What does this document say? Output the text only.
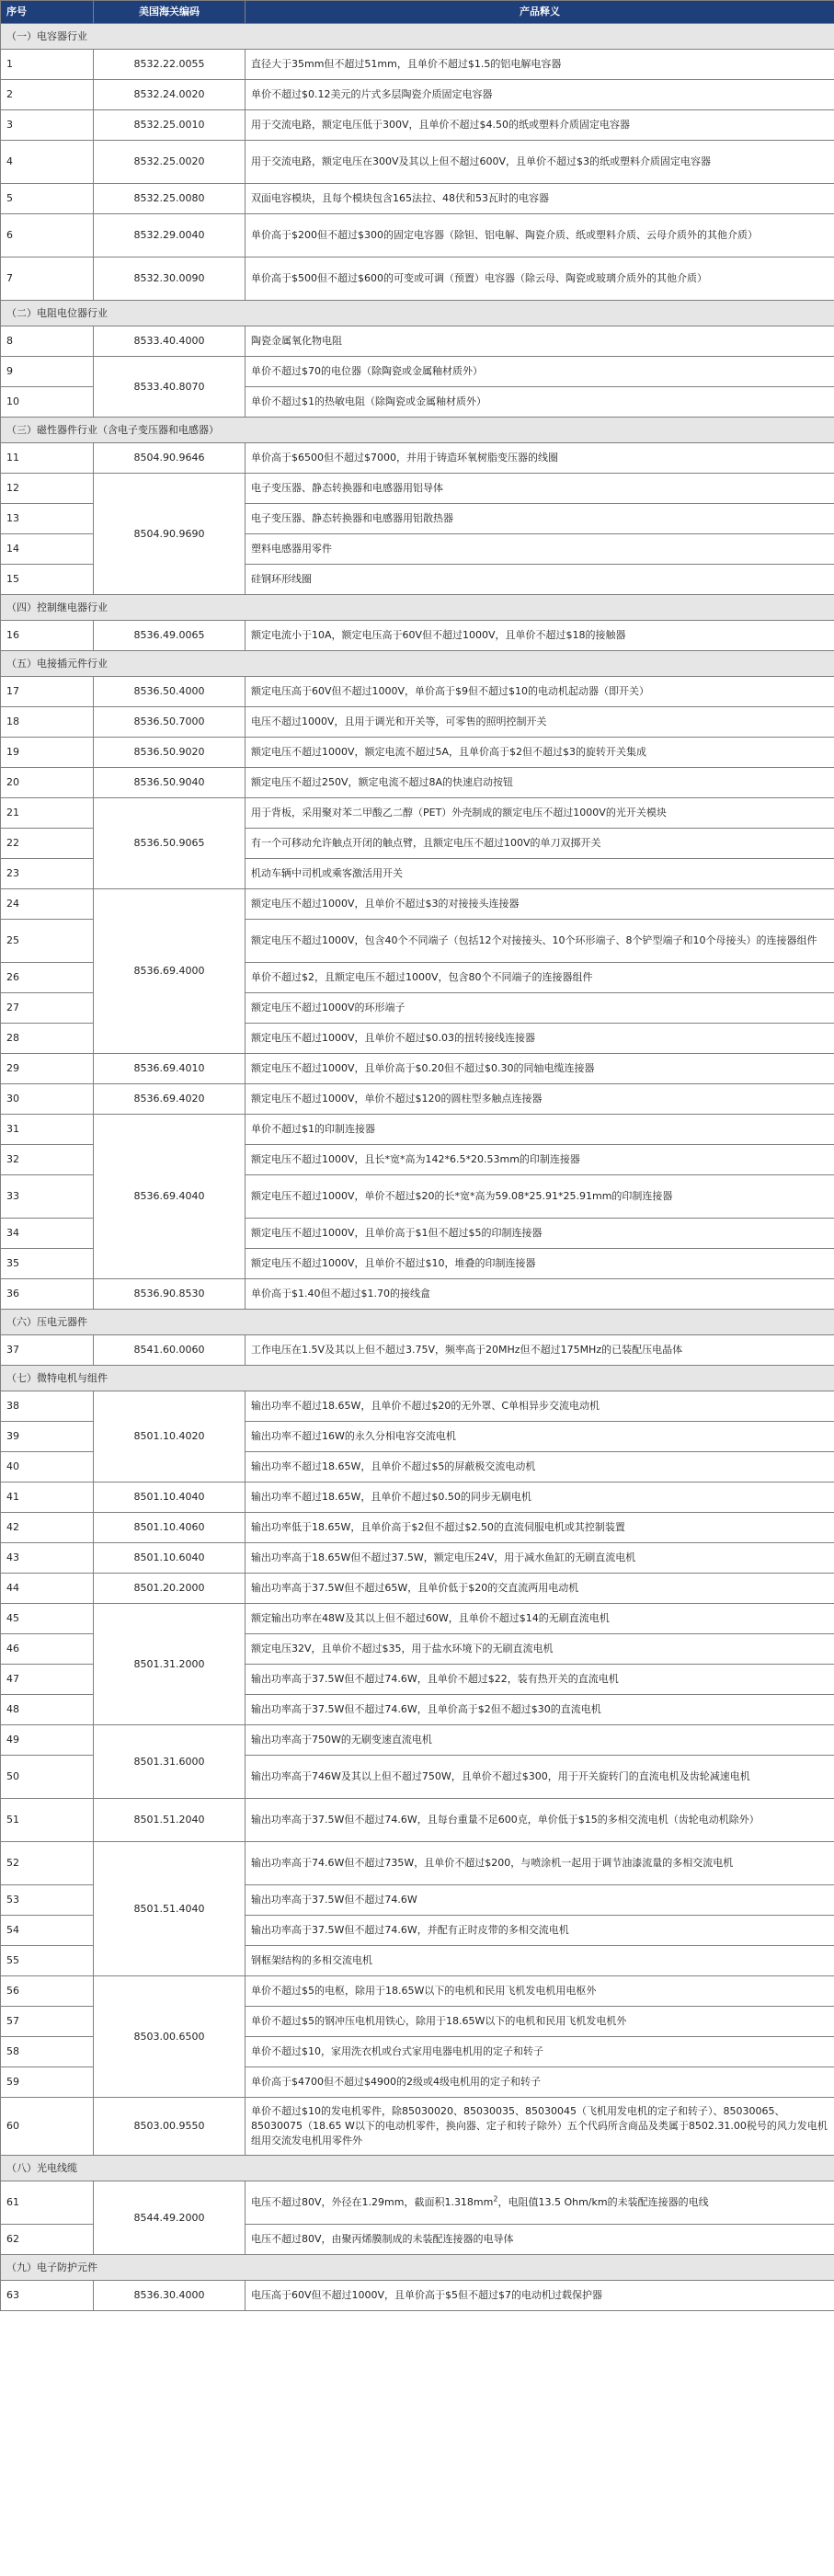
序号	美国海关编码	产品释义
（一）电容器行业		
1	8532.22.0055	直径大于35mm但不超过51mm，且单价不超过$1.5的铝电解电容器
2	8532.24.0020	单价不超过$0.12美元的片式多层陶瓷介质固定电容器
3	8532.25.0010	用于交流电路，额定电压低于300V，且单价不超过$4.50的纸或塑料介质固定电容器
4	8532.25.0020	用于交流电路，额定电压在300V及其以上但不超过600V，且单价不超过$3的纸或塑料介质固定电容器
5	8532.25.0080	双面电容模块，且每个模块包含165法拉、48伏和53瓦时的电容器
6	8532.29.0040	单价高于$200但不超过$300的固定电容器（除钽、铝电解、陶瓷介质、纸或塑料介质、云母介质外的其他介质）
7	8532.30.0090	单价高于$500但不超过$600的可变或可调（预置）电容器（除云母、陶瓷或玻璃介质外的其他介质）
（二）电阻电位器行业		
8	8533.40.4000	陶瓷金属氧化物电阻
9	8533.40.8070	单价不超过$70的电位器（除陶瓷或金属釉材质外）
10		单价不超过$1的热敏电阻（除陶瓷或金属釉材质外）
（三）磁性器件行业（含电子变压器和电感器）		
11	8504.90.9646	单价高于$6500但不超过$7000，并用于铸造环氧树脂变压器的线圈
12	8504.90.9690	电子变压器、静态转换器和电感器用铝导体
13		电子变压器、静态转换器和电感器用铝散热器
14		塑料电感器用零件
15		硅钢环形线圈
（四）控制继电器行业		
16	8536.49.0065	额定电流小于10A，额定电压高于60V但不超过1000V，且单价不超过$18的接触器
（五）电接插元件行业		
17	8536.50.4000	额定电压高于60V但不超过1000V，单价高于$9但不超过$10的电动机起动器（即开关）
18	8536.50.7000	电压不超过1000V，且用于调光和开关等，可零售的照明控制开关
19	8536.50.9020	额定电压不超过1000V，额定电流不超过5A，且单价高于$2但不超过$3的旋转开关集成
20	8536.50.9040	额定电压不超过250V，额定电流不超过8A的快速启动按钮
21	8536.50.9065	用于背板，采用聚对苯二甲酸乙二醇（PET）外壳制成的额定电压不超过1000V的光开关模块
22		有一个可移动允许触点开闭的触点臂，且额定电压不超过100V的单刀双掷开关
23		机动车辆中司机或乘客激活用开关
24	8536.69.4000	额定电压不超过1000V，且单价不超过$3的对接接头连接器
25		额定电压不超过1000V，包含40个不同端子（包括12个对接接头、10个环形端子、8个铲型端子和10个母接头）的连接器组件
26		单价不超过$2，且额定电压不超过1000V，包含80个不同端子的连接器组件
27		额定电压不超过1000V的环形端子
28		额定电压不超过1000V，且单价不超过$0.03的扭转接线连接器
29	8536.69.4010	额定电压不超过1000V，且单价高于$0.20但不超过$0.30的同轴电缆连接器
30	8536.69.4020	额定电压不超过1000V，单价不超过$120的圆柱型多触点连接器
31	8536.69.4040	单价不超过$1的印制连接器
32		额定电压不超过1000V，且长*宽*高为142*6.5*20.53mm的印制连接器
33		额定电压不超过1000V，单价不超过$20的长*宽*高为59.08*25.91*25.91mm的印制连接器
34		额定电压不超过1000V，且单价高于$1但不超过$5的印制连接器
35		额定电压不超过1000V，且单价不超过$10，堆叠的印制连接器
36	8536.90.8530	单价高于$1.40但不超过$1.70的接线盒
（六）压电元器件		
37	8541.60.0060	工作电压在1.5V及其以上但不超过3.75V，频率高于20MHz但不超过175MHz的已装配压电晶体
（七）微特电机与组件		
38	8501.10.4020	输出功率不超过18.65W，且单价不超过$20的无外罩、C单相异步交流电动机
39		输出功率不超过16W的永久分相电容交流电机
40		输出功率不超过18.65W，且单价不超过$5的屏蔽极交流电动机
41	8501.10.4040	输出功率不超过18.65W，且单价不超过$0.50的同步无刷电机
42	8501.10.4060	输出功率低于18.65W，且单价高于$2但不超过$2.50的直流伺服电机或其控制装置
43	8501.10.6040	输出功率高于18.65W但不超过37.5W，额定电压24V，用于减水鱼缸的无刷直流电机
44	8501.20.2000	输出功率高于37.5W但不超过65W，且单价低于$20的交直流两用电动机
45	8501.31.2000	额定输出功率在48W及其以上但不超过60W，且单价不超过$14的无刷直流电机
46		额定电压32V，且单价不超过$35，用于盐水环境下的无刷直流电机
47		输出功率高于37.5W但不超过74.6W，且单价不超过$22，装有热开关的直流电机
48		输出功率高于37.5W但不超过74.6W，且单价高于$2但不超过$30的直流电机
49	8501.31.6000	输出功率高于750W的无刷变速直流电机
50		输出功率高于746W及其以上但不超过750W，且单价不超过$300，用于开关旋转门的直流电机及齿轮减速电机
51	8501.51.2040	输出功率高于37.5W但不超过74.6W，且每台重量不足600克，单价低于$15的多相交流电机（齿轮电动机除外）
52	8501.51.4040	输出功率高于74.6W但不超过735W，且单价不超过$200，与喷涂机一起用于调节油漆流量的多相交流电机
53		输出功率高于37.5W但不超过74.6W
54		输出功率高于37.5W但不超过74.6W，并配有正时皮带的多相交流电机
55		钢框架结构的多相交流电机
56	8503.00.6500	单价不超过$5的电枢，除用于18.65W以下的电机和民用飞机发电机用电枢外
57		单价不超过$5的钢冲压电机用铁心，除用于18.65W以下的电机和民用飞机发电机外
58		单价不超过$10，家用洗衣机或台式家用电器电机用的定子和转子
59		单价高于$4700但不超过$4900的2级或4级电机用的定子和转子
60	8503.00.9550	单价不超过$10的发电机零件，除85030020、85030035、85030045（飞机用发电机的定子和转子）、85030065、85030075（18.65 W以下的电动机零件，换向器、定子和转子除外）五个代码所含商品及类属于8502.31.00税号的风力发电机组用交流发电机用零件外
（八）光电线缆		
61	8544.49.2000	电压不超过80V，外径在1.29mm，截面积$1.318mm^2$，电阻值13.5 Ohm/km的未装配连接器的电线
62		电压不超过80V，由聚丙烯膜制成的未装配连接器的电导体
（九）电子防护元件		
63	8536.30.4000	电压高于60V但不超过1000V，且单价高于$5但不超过$7的电动机过载保护器
